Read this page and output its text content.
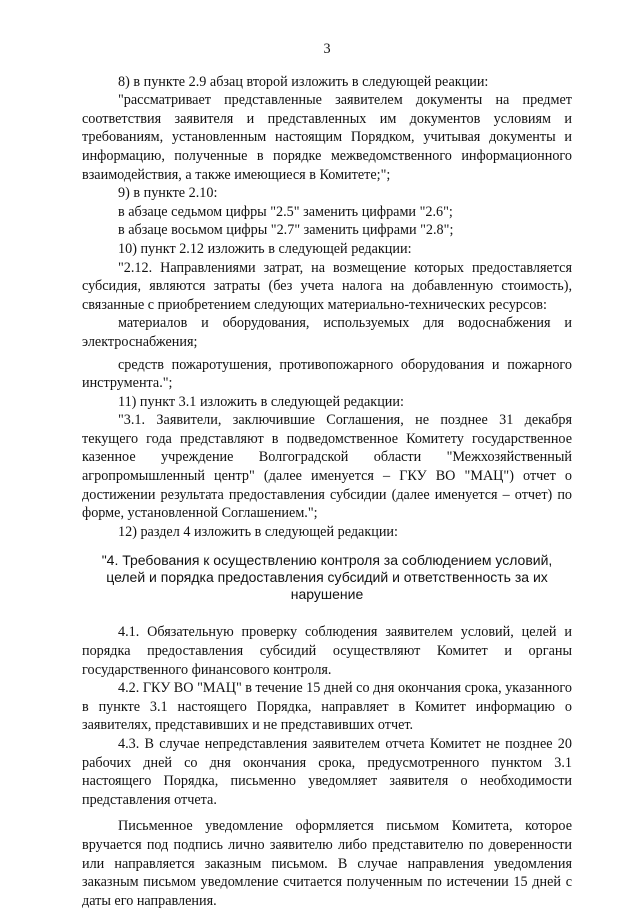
3

8) в пункте 2.9 абзац второй изложить в следующей реакции:

"рассматривает представленные заявителем документы на предмет соответствия заявителя и представленных им документов условиям и требованиям, установленным настоящим Порядком, учитывая документы и информацию, полученные в порядке межведомственного информационного взаимодействия, а также имеющиеся в Комитете;";

9) в пункте 2.10:

в абзаце седьмом цифры "2.5" заменить цифрами "2.6";

в абзаце восьмом цифры "2.7" заменить цифрами "2.8";

10) пункт 2.12 изложить в следующей редакции:

"2.12. Направлениями затрат, на возмещение которых предоставляется субсидия, являются затраты (без учета налога на добавленную стоимость), связанные с приобретением следующих материально-технических ресурсов:

материалов и оборудования, используемых для водоснабжения и электроснабжения;

средств пожаротушения, противопожарного оборудования и пожарного инструмента.";

11) пункт 3.1 изложить в следующей редакции:

"3.1. Заявители, заключившие Соглашения, не позднее 31 декабря текущего года представляют в подведомственное Комитету государственное казенное учреждение Волгоградской области "Межхозяйственный агропромышленный центр" (далее именуется – ГКУ ВО "МАЦ") отчет о достижении результата предоставления субсидии (далее именуется – отчет) по форме, установленной Соглашением.";

12) раздел 4 изложить в следующей редакции:

"4. Требования к осуществлению контроля за соблюдением условий, целей и порядка предоставления субсидий и ответственность за их нарушение

4.1. Обязательную проверку соблюдения заявителем условий, целей и порядка предоставления субсидий осуществляют Комитет и органы государственного финансового контроля.

4.2. ГКУ ВО "МАЦ" в течение 15 дней со дня окончания срока, указанного в пункте 3.1 настоящего Порядка, направляет в Комитет информацию о заявителях, представивших и не представивших отчет.

4.3. В случае непредставления заявителем отчета Комитет не позднее 20 рабочих дней со дня окончания срока, предусмотренного пунктом 3.1 настоящего Порядка, письменно уведомляет заявителя о необходимости представления отчета.

Письменное уведомление оформляется письмом Комитета, которое вручается под подпись лично заявителю либо представителю по доверенности или направляется заказным письмом. В случае направления уведомления заказным письмом уведомление считается полученным по истечении 15 дней с даты его направления.
